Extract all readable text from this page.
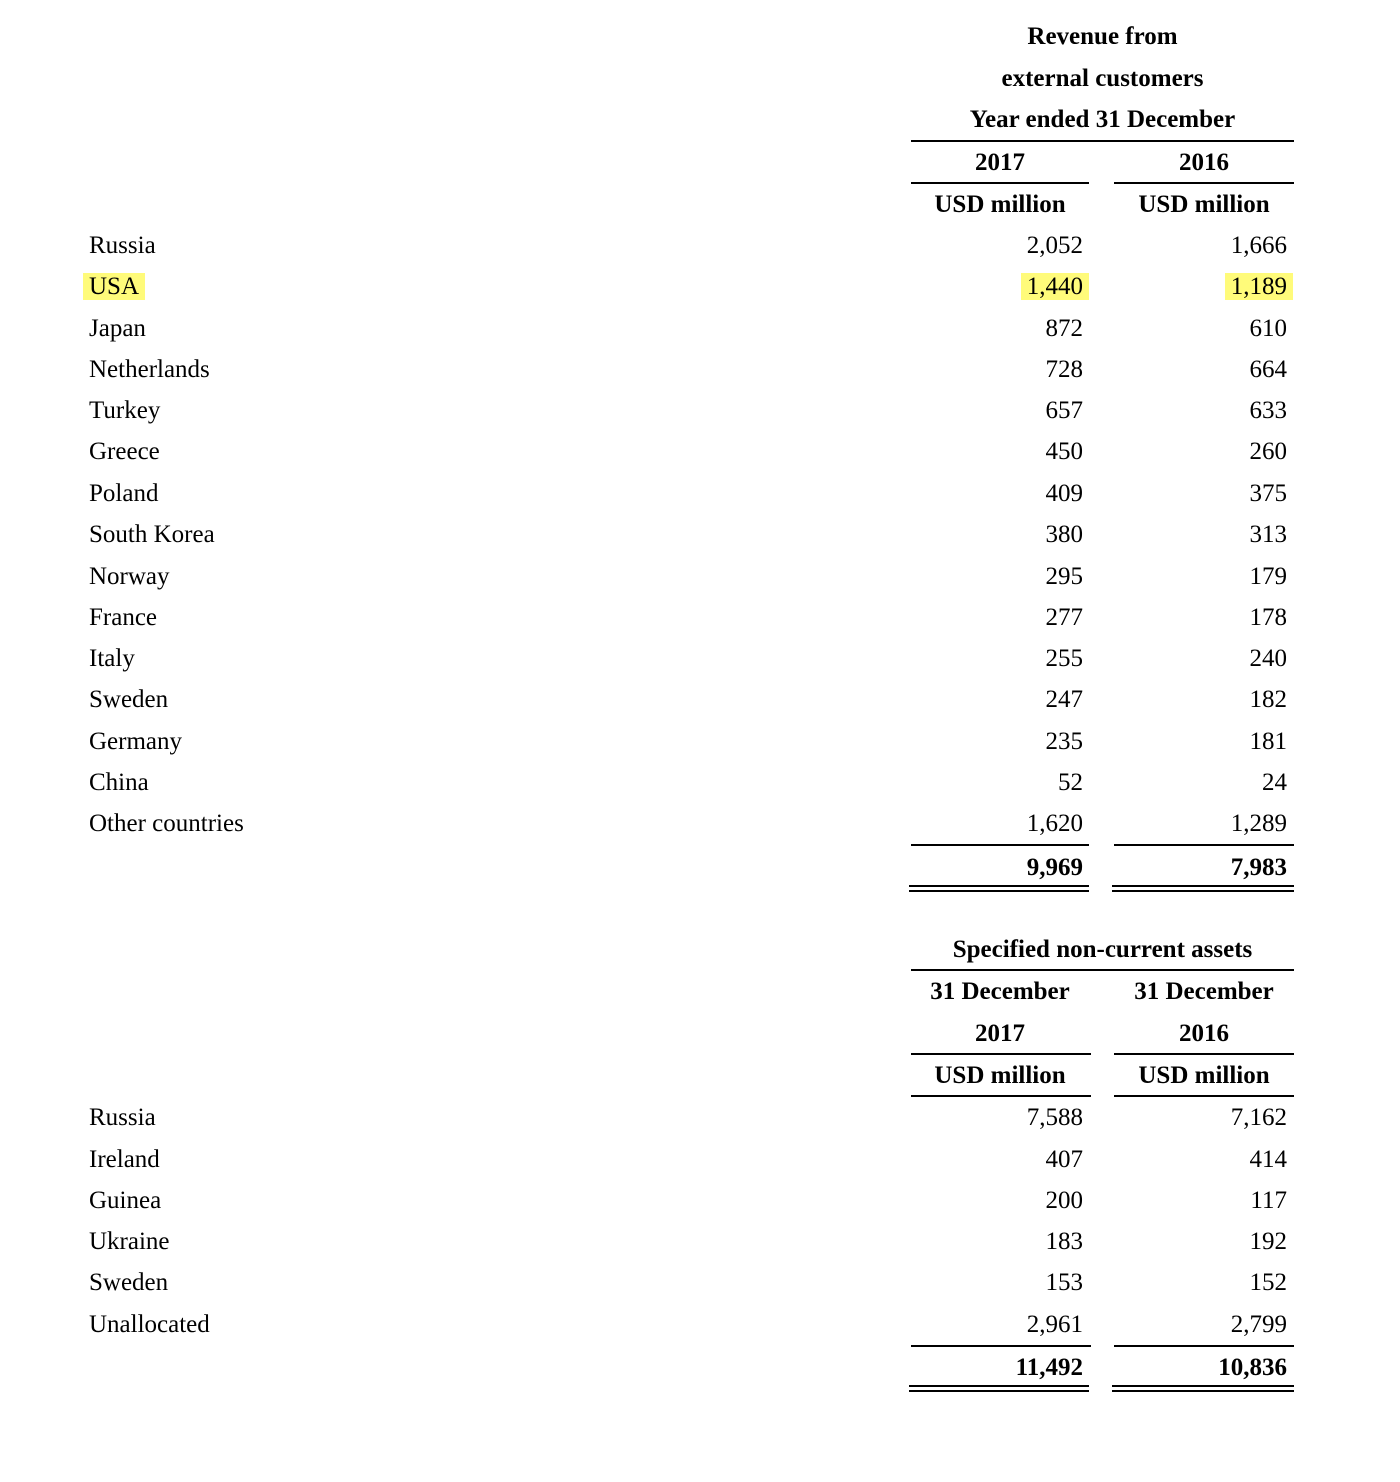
Revenue from
external customers
Year ended 31 December
2017	2016
USD million	USD million
Russia	2,052	1,666
USA	1,440	1,189
Japan	872	610
Netherlands	728	664
Turkey	657	633
Greece	450	260
Poland	409	375
South Korea	380	313
Norway	295	179
France	277	178
Italy	255	240
Sweden	247	182
Germany	235	181
China	52	24
Other countries	1,620	1,289
9,969	7,983
Specified non-current assets
31 December	31 December
2017	2016
USD million	USD million
Russia	7,588	7,162
Ireland	407	414
Guinea	200	117
Ukraine	183	192
Sweden	153	152
Unallocated	2,961	2,799
11,492	10,836
